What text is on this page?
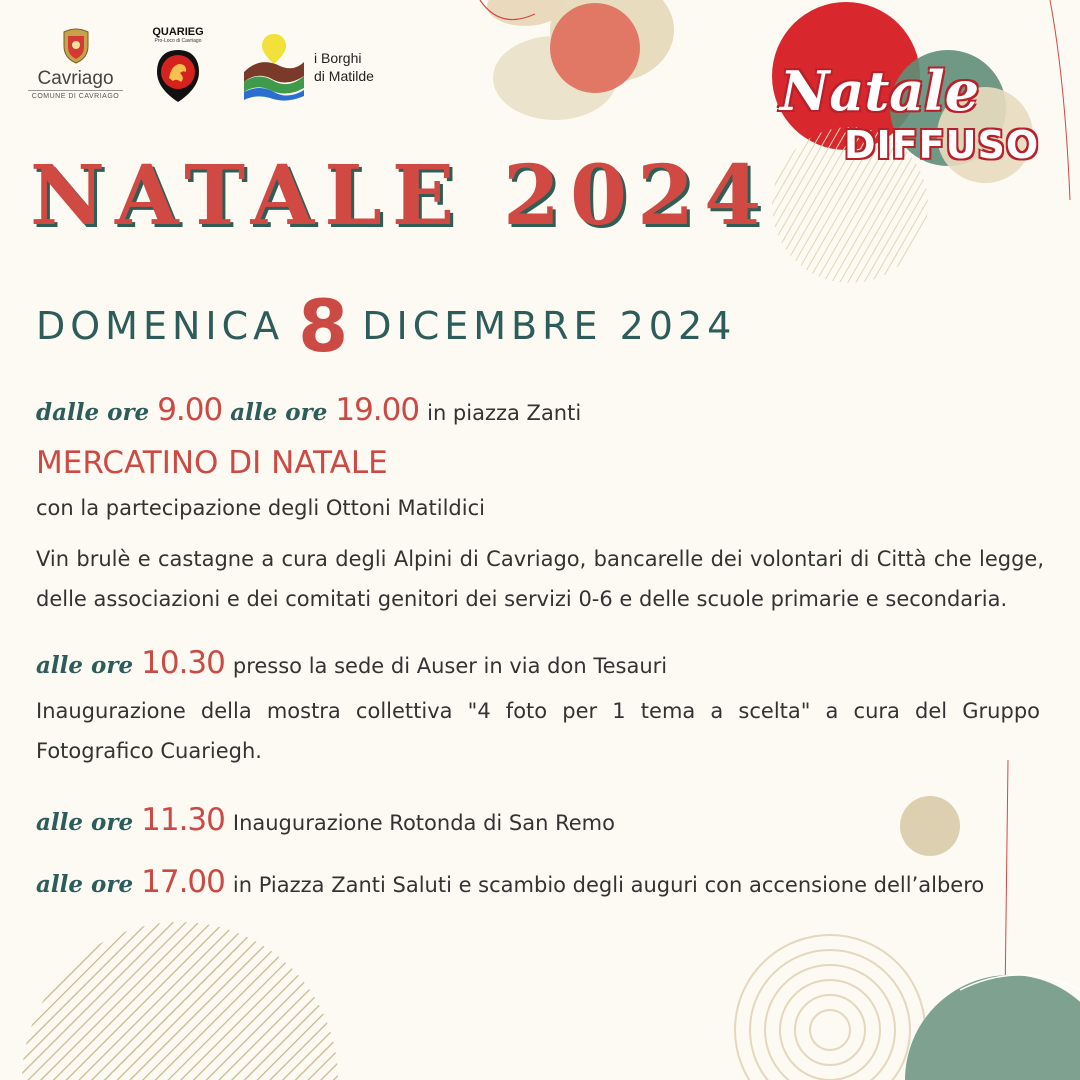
Cavriago
COMUNE DI CAVRIAGO
QUARIEG
Pro-Loco di Cavriago
i Borghi
di Matilde	Natale
DIFFUSO
NATALE 2024
DOMENICA 8 DICEMBRE 2024
dalle ore 9.00 alle ore 19.00 in piazza Zanti
MERCATINO DI NATALE
con la partecipazione degli Ottoni Matildici
Vin brulè e castagne a cura degli Alpini di Cavriago, bancarelle dei volontari di Città che legge, delle associazioni e dei comitati genitori dei servizi 0-6 e delle scuole primarie e secondaria.
alle ore 10.30 presso la sede di Auser in via don Tesauri
Inaugurazione della mostra collettiva "4 foto per 1 tema a scelta" a cura del Gruppo Fotografico Cuariegh.
alle ore 11.30 Inaugurazione Rotonda di San Remo
alle ore 17.00 in Piazza Zanti Saluti e scambio degli auguri con accensione dell’albero
